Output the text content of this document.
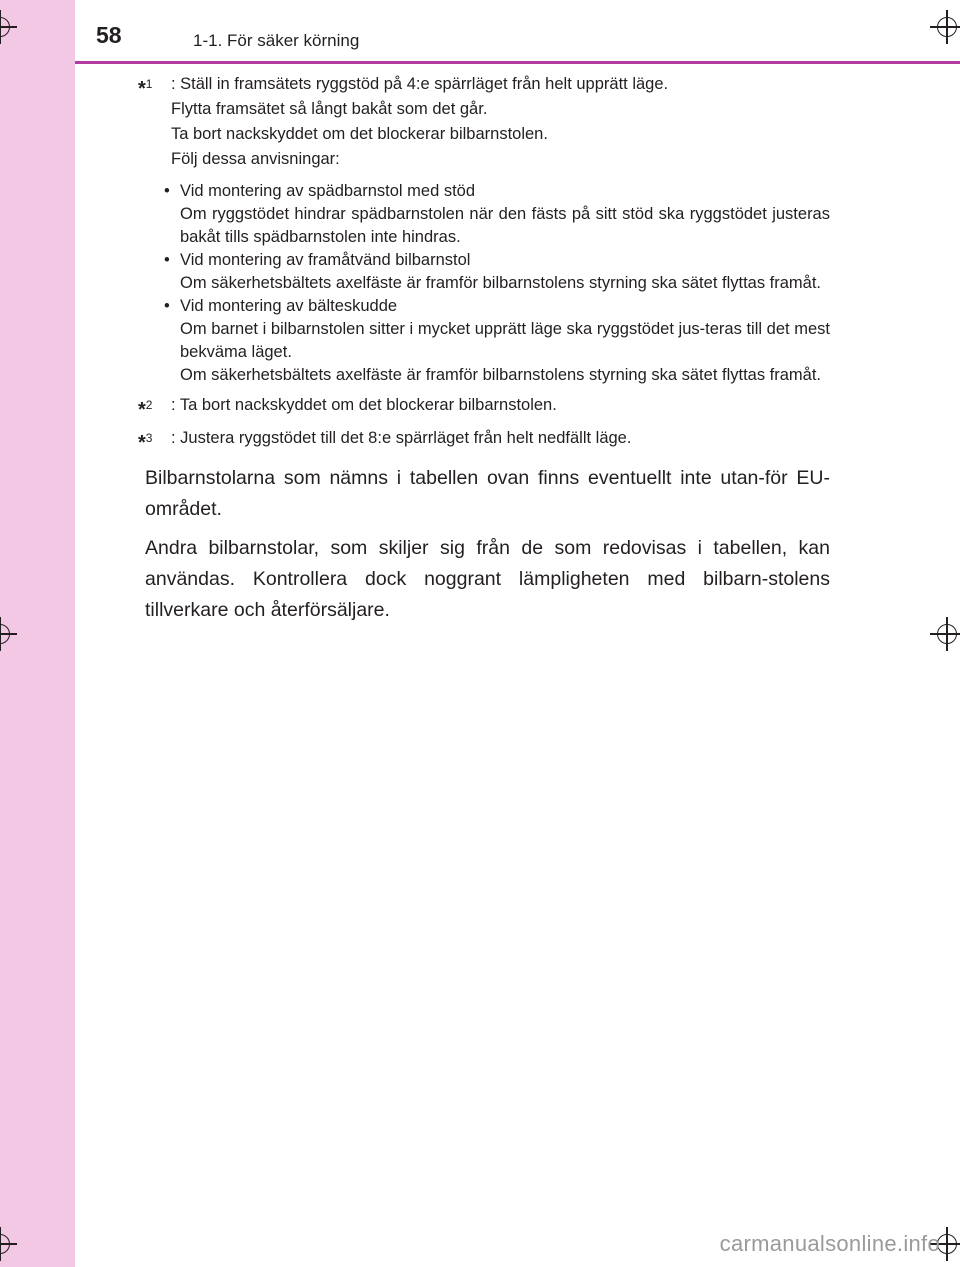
58	1-1. För säker körning
*$^1$ : Ställ in framsätets ryggstöd på 4:e spärrläget från helt upprätt läge.
Flytta framsätet så långt bakåt som det går.
Ta bort nackskyddet om det blockerar bilbarnstolen.
Följ dessa anvisningar:
• Vid montering av spädbarnstol med stöd
Om ryggstödet hindrar spädbarnstolen när den fästs på sitt stöd ska ryggstödet justeras bakåt tills spädbarnstolen inte hindras.
• Vid montering av framåtvänd bilbarnstol
Om säkerhetsbältets axelfäste är framför bilbarnstolens styrning ska sätet flyttas framåt.
• Vid montering av bälteskudde
Om barnet i bilbarnstolen sitter i mycket upprätt läge ska ryggstödet jus-teras till det mest bekväma läget.
Om säkerhetsbältets axelfäste är framför bilbarnstolens styrning ska sätet flyttas framåt.
*$^2$ : Ta bort nackskyddet om det blockerar bilbarnstolen.
*$^3$ : Justera ryggstödet till det 8:e spärrläget från helt nedfällt läge.

Bilbarnstolarna som nämns i tabellen ovan finns eventuellt inte utan-för EU-området.

Andra bilbarnstolar, som skiljer sig från de som redovisas i tabellen, kan användas. Kontrollera dock noggrant lämpligheten med bilbarn-stolens tillverkare och återförsäljare.

carmanualsonline.info
